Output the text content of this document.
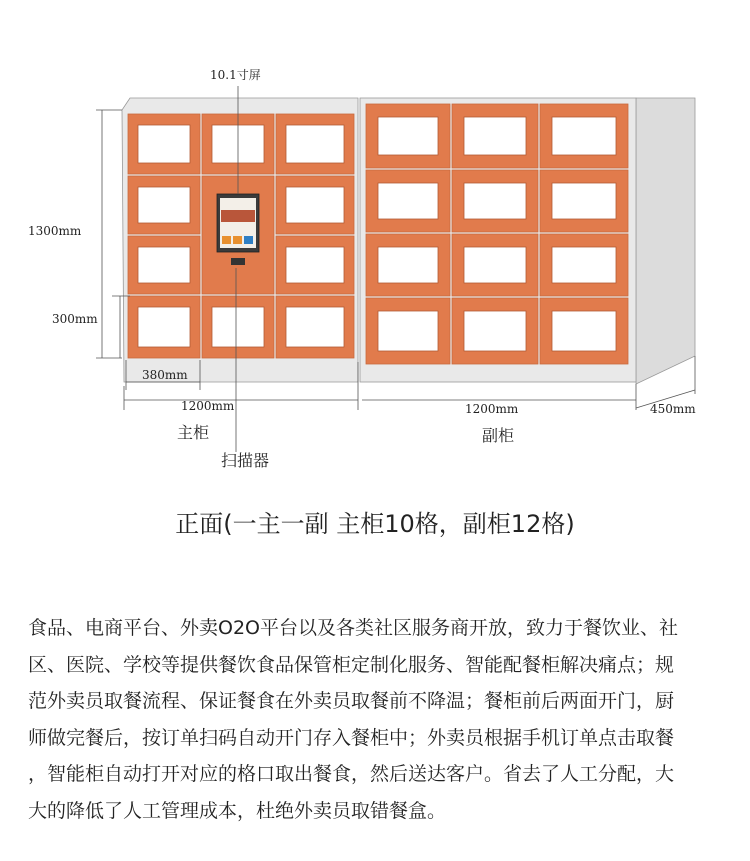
10.1寸屏
1300mm
300mm
380mm
1200mm	1200mm	450mm
主柜	副柜
扫描器
正面(一主一副 主柜10格，副柜12格)
食品、电商平台、外卖O2O平台以及各类社区服务商开放，致力于餐饮业、社
区、医院、学校等提供餐饮食品保管柜定制化服务、智能配餐柜解决痛点；规
范外卖员取餐流程、保证餐食在外卖员取餐前不降温；餐柜前后两面开门，厨
师做完餐后，按订单扫码自动开门存入餐柜中；外卖员根据手机订单点击取餐
，智能柜自动打开对应的格口取出餐食，然后送达客户。省去了人工分配，大
大的降低了人工管理成本，杜绝外卖员取错餐盒。
